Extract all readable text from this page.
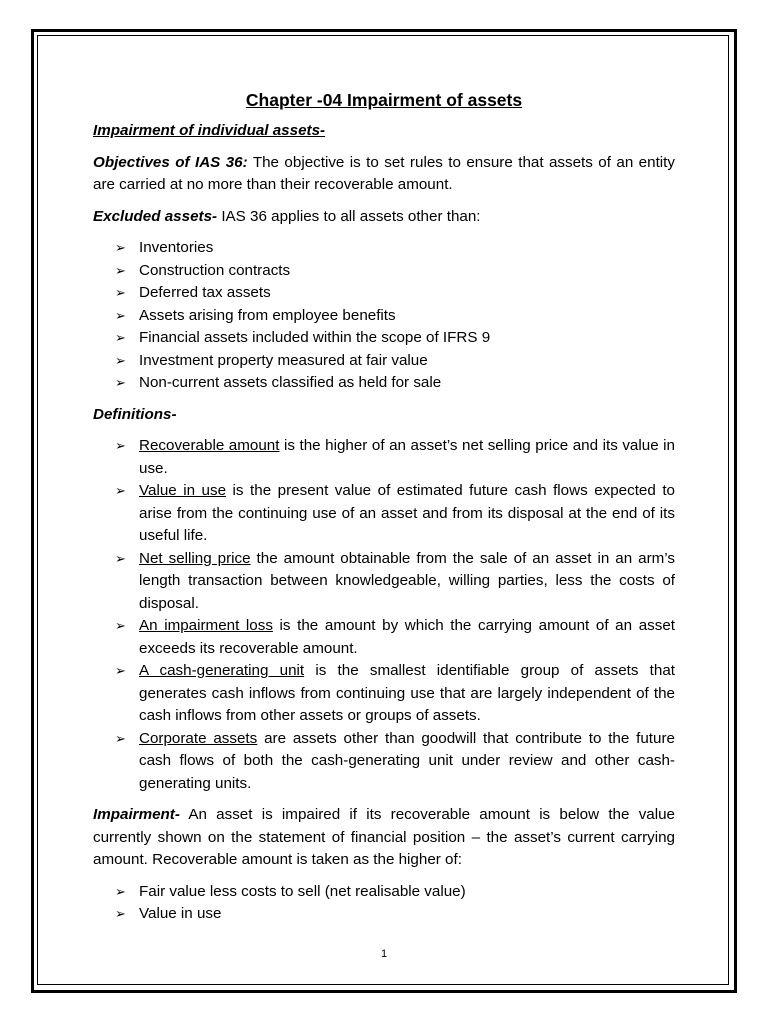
Chapter -04 Impairment of assets

Impairment of individual assets-

Objectives of IAS 36: The objective is to set rules to ensure that assets of an entity are carried at no more than their recoverable amount.

Excluded assets- IAS 36 applies to all assets other than:

➢ Inventories
➢ Construction contracts
➢ Deferred tax assets
➢ Assets arising from employee benefits
➢ Financial assets included within the scope of IFRS 9
➢ Investment property measured at fair value
➢ Non-current assets classified as held for sale

Definitions-

➢ Recoverable amount is the higher of an asset’s net selling price and its value in use.
➢ Value in use is the present value of estimated future cash flows expected to arise from the continuing use of an asset and from its disposal at the end of its useful life.
➢ Net selling price the amount obtainable from the sale of an asset in an arm’s length transaction between knowledgeable, willing parties, less the costs of disposal.
➢ An impairment loss is the amount by which the carrying amount of an asset exceeds its recoverable amount.
➢ A cash-generating unit is the smallest identifiable group of assets that generates cash inflows from continuing use that are largely independent of the cash inflows from other assets or groups of assets.
➢ Corporate assets are assets other than goodwill that contribute to the future cash flows of both the cash-generating unit under review and other cash-generating units.

Impairment- An asset is impaired if its recoverable amount is below the value currently shown on the statement of financial position – the asset’s current carrying amount. Recoverable amount is taken as the higher of:

➢ Fair value less costs to sell (net realisable value)
➢ Value in use
1
